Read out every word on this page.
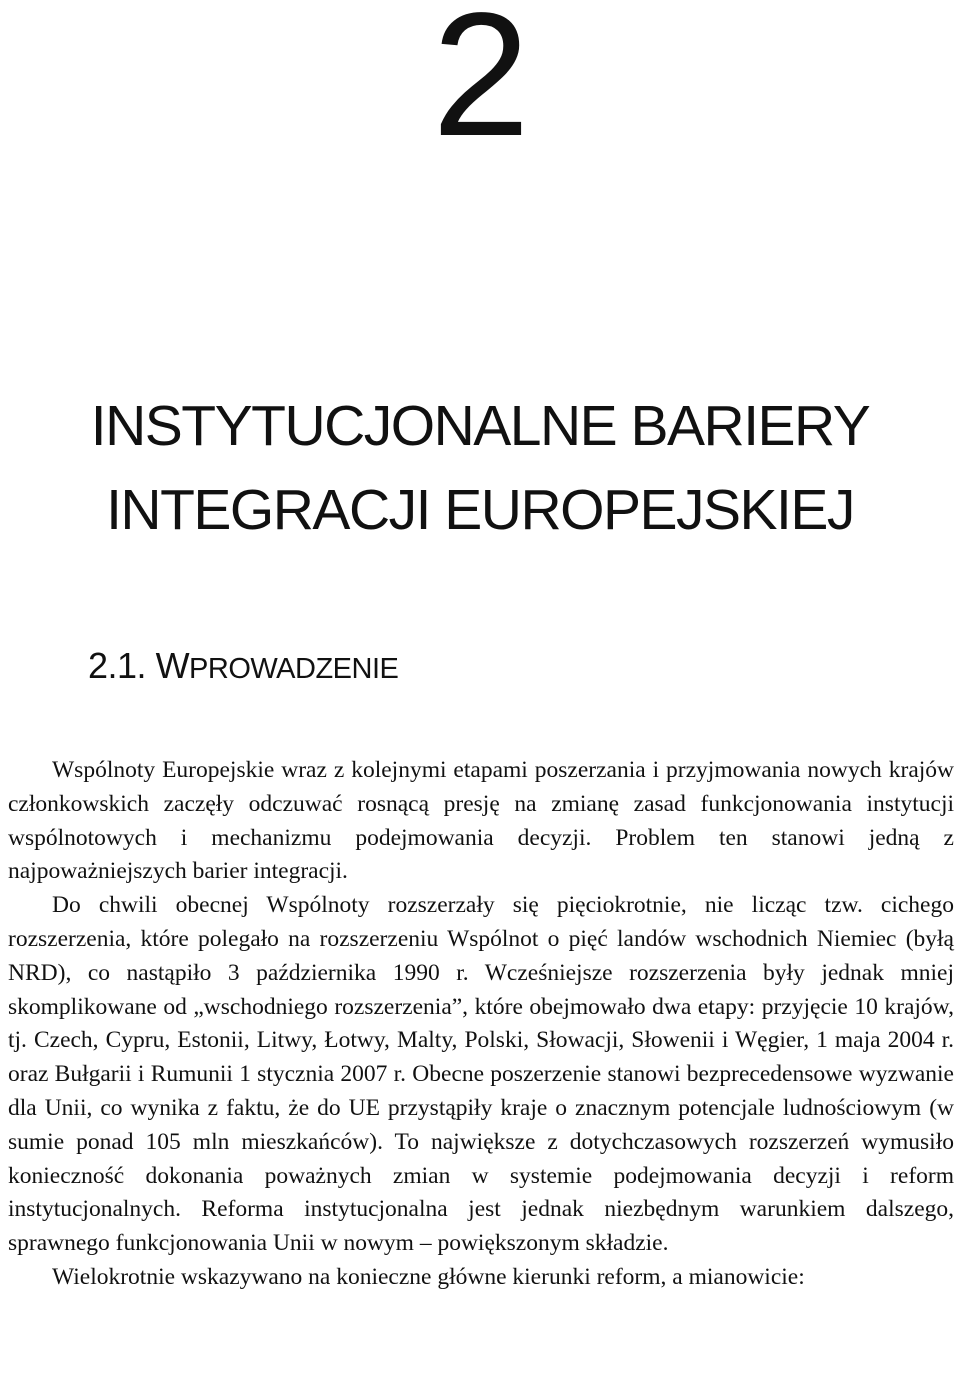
2
INSTYTUCJONALNE BARIERY
INTEGRACJI EUROPEJSKIEJ
2.1. WPROWADZENIE

Wspólnoty Europejskie wraz z kolejnymi etapami poszerzania i przyjmowania nowych krajów członkowskich zaczęły odczuwać rosnącą presję na zmianę zasad funkcjonowania instytucji wspólnotowych i mechanizmu podejmowania decyzji. Problem ten stanowi jedną z najpoważniejszych barier integracji.

Do chwili obecnej Wspólnoty rozszerzały się pięciokrotnie, nie licząc tzw. cichego rozszerzenia, które polegało na rozszerzeniu Wspólnot o pięć landów wschodnich Niemiec (byłą NRD), co nastąpiło 3 października 1990 r. Wcześniejsze rozszerzenia były jednak mniej skomplikowane od „wschodniego rozszerzenia”, które obejmowało dwa etapy: przyjęcie 10 krajów, tj. Czech, Cypru, Estonii, Litwy, Łotwy, Malty, Polski, Słowacji, Słowenii i Węgier, 1 maja 2004 r. oraz Bułgarii i Rumunii 1 stycznia 2007 r. Obecne poszerzenie stanowi bezprecedensowe wyzwanie dla Unii, co wynika z faktu, że do UE przystąpiły kraje o znacznym potencjale ludnościowym (w sumie ponad 105 mln mieszkańców). To największe z dotychczasowych rozszerzeń wymusiło konieczność dokonania poważnych zmian w systemie podejmowania decyzji i reform instytucjonalnych. Reforma instytucjonalna jest jednak niezbędnym warunkiem dalszego, sprawnego funkcjonowania Unii w nowym – powiększonym składzie.

Wielokrotnie wskazywano na konieczne główne kierunki reform, a mianowicie:
